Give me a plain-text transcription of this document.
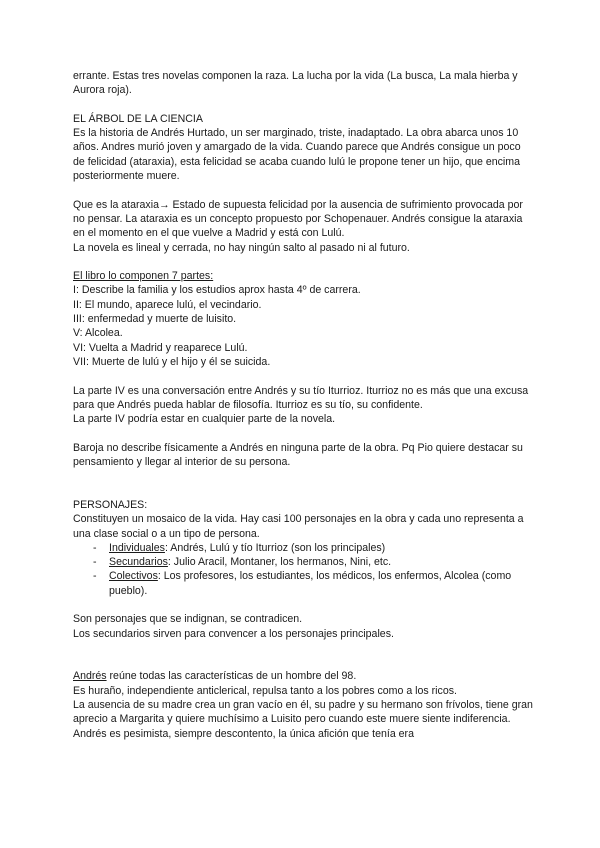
errante. Estas tres novelas componen la raza. La lucha por la vida (La busca, La mala hierba y Aurora roja).

EL ÁRBOL DE LA CIENCIA

Es la historia de Andrés Hurtado, un ser marginado, triste, inadaptado. La obra abarca unos 10 años. Andres murió joven y amargado de la vida. Cuando parece que Andrés consigue un poco de felicidad (ataraxia), esta felicidad se acaba cuando lulú le propone tener un hijo, que encima posteriormente muere.

Que es la ataraxia→ Estado de supuesta felicidad por la ausencia de sufrimiento provocada por no pensar. La ataraxia es un concepto propuesto por Schopenauer. Andrés consigue la ataraxia en el momento en el que vuelve a Madrid y está con Lulú.

La novela es lineal y cerrada, no hay ningún salto al pasado ni al futuro.

El libro lo componen 7 partes:

I: Describe la familia y los estudios aprox hasta 4º de carrera.

II: El mundo, aparece lulú, el vecindario.

III: enfermedad y muerte de luisito.

V: Alcolea.

VI: Vuelta a Madrid y reaparece Lulú.

VII: Muerte de lulú y el hijo y él se suicida.

La parte IV es una conversación entre Andrés y su tío Iturrioz. Iturrioz no es más que una excusa para que Andrés pueda hablar de filosofía. Iturrioz es su tío, su confidente.

La parte IV podría estar en cualquier parte de la novela.

Baroja no describe físicamente a Andrés en ninguna parte de la obra. Pq Pio quiere destacar su pensamiento y llegar al interior de su persona.

PERSONAJES:

Constituyen un mosaico de la vida. Hay casi 100 personajes en la obra y cada uno representa a una clase social o a un tipo de persona.

- Individuales: Andrés, Lulú y tío Iturrioz (son los principales)
- Secundarios: Julio Aracil, Montaner, los hermanos, Nini, etc.
- Colectivos: Los profesores, los estudiantes, los médicos, los enfermos, Alcolea (como pueblo).

Son personajes que se indignan, se contradicen.

Los secundarios sirven para convencer a los personajes principales.

Andrés reúne todas las características de un hombre del 98.

Es huraño, independiente anticlerical, repulsa tanto a los pobres como a los ricos.

La ausencia de su madre crea un gran vacío en él, su padre y su hermano son frívolos, tiene gran aprecio a Margarita y quiere muchísimo a Luisito pero cuando este muere siente indiferencia. Andrés es pesimista, siempre descontento, la única afición que tenía era
